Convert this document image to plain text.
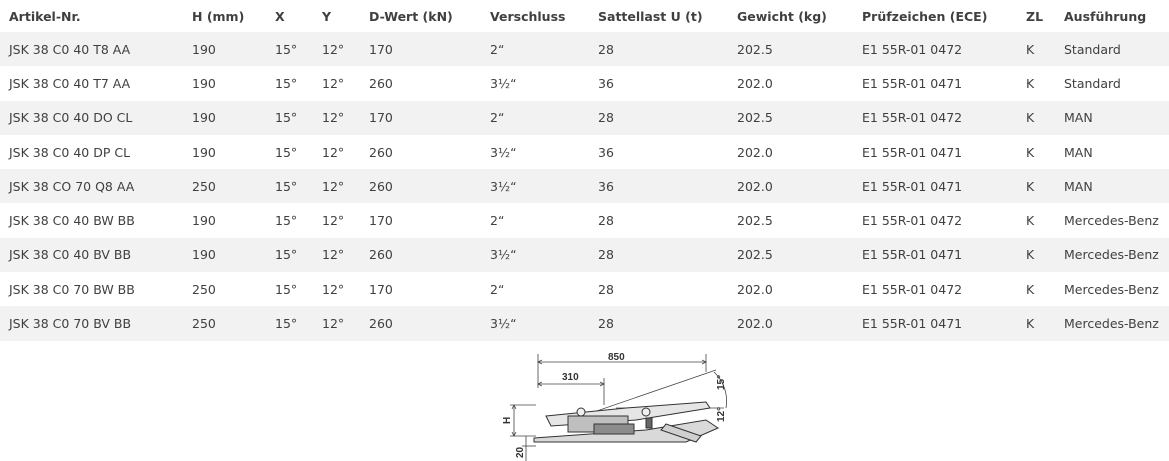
Artikel-Nr.	H (mm)	X	Y	D-Wert (kN)	Verschluss	Sattellast U (t)	Gewicht (kg)	Prüfzeichen (ECE)	ZL	Ausführung
JSK 38 C0 40 T8 AA	190	15°	12°	170	2“	28	202.5	E1 55R-01 0472	K	Standard
JSK 38 C0 40 T7 AA	190	15°	12°	260	3½“	36	202.0	E1 55R-01 0471	K	Standard
JSK 38 C0 40 DO CL	190	15°	12°	170	2“	28	202.5	E1 55R-01 0472	K	MAN
JSK 38 C0 40 DP CL	190	15°	12°	260	3½“	36	202.0	E1 55R-01 0471	K	MAN
JSK 38 CO 70 Q8 AA	250	15°	12°	260	3½“	36	202.0	E1 55R-01 0471	K	MAN
JSK 38 C0 40 BW BB	190	15°	12°	170	2“	28	202.5	E1 55R-01 0472	K	Mercedes-Benz
JSK 38 C0 40 BV BB	190	15°	12°	260	3½“	28	202.5	E1 55R-01 0471	K	Mercedes-Benz
JSK 38 C0 70 BW BB	250	15°	12°	170	2“	28	202.0	E1 55R-01 0472	K	Mercedes-Benz
JSK 38 C0 70 BV BB	250	15°	12°	260	3½“	28	202.0	E1 55R-01 0471	K	Mercedes-Benz
850
310
H
20
15°
12°
